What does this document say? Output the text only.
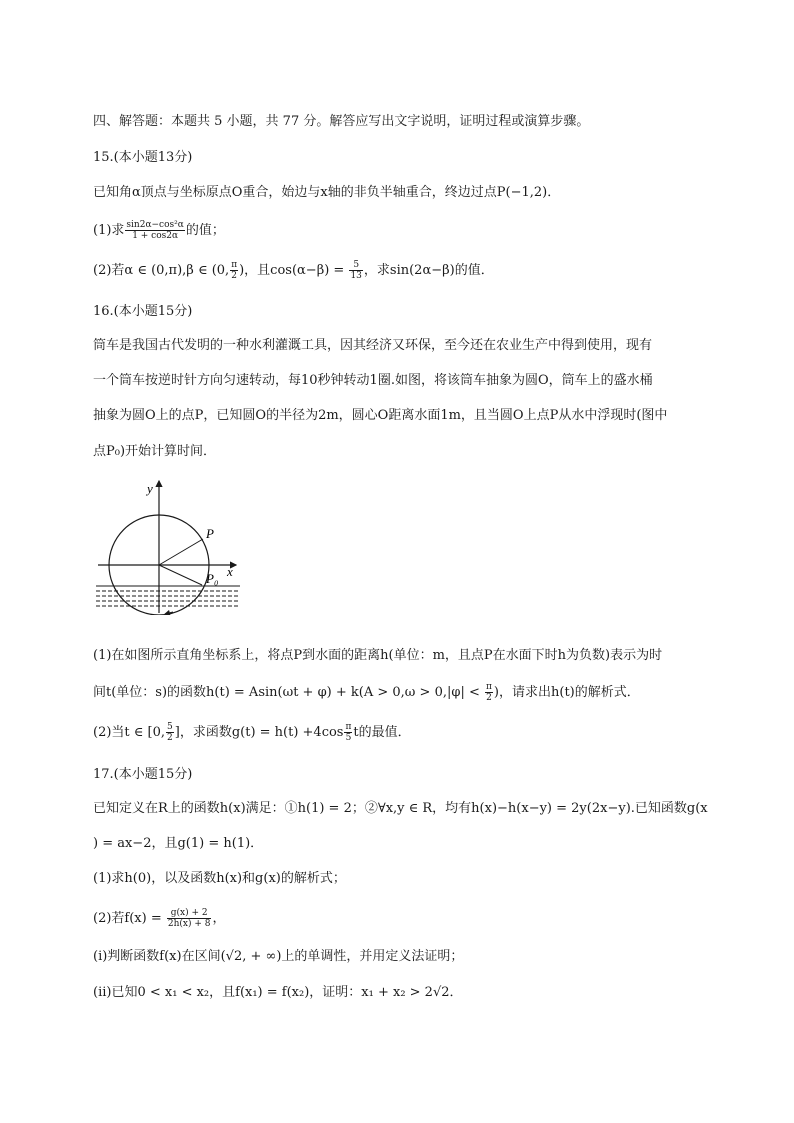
四、解答题：本题共 5 小题，共 77 分。解答应写出文字说明，证明过程或演算步骤。
15.(本小题13分)
已知角α顶点与坐标原点O重合，始边与x轴的非负半轴重合，终边过点P(−1,2)．
(1)求 $\frac{\text{sin2α−cos²α}}{1 + \cos 2\alpha}$ 的值；
(2)若α ∈ (0,π),β ∈ (0, $\frac{\pi}{2}$ )，且$\cos(\alpha-\beta) = \frac{5}{13}$ ，求sin(2α−β)的值．
16.(本小题15分)
筒车是我国古代发明的一种水利灌溉工具，因其经济又环保，至今还在农业生产中得到使用，现有
一个筒车按逆时针方向匀速转动，每10秒钟转动1圈.如图，将该筒车抽象为圆O，筒车上的盛水桶
抽象为圆O上的点P，已知圆O的半径为2m，圆心O距离水面1m，且当圆O上点P从水中浮现时(图中
点P₀)开始计算时间．
y
x
P
P₀
(1)在如图所示直角坐标系上，将点P到水面的距离h(单位：m，且点P在水面下时h为负数)表示为时
间t(单位：s)的函数$h(t) = Asin(\omega t + \varphi) + k(A > 0,\omega > 0,|\varphi| < \frac{\pi}{2}$ )，请求出h(t)的解析式．
(2)当t ∈ [0, $\frac{5}{2}$ ]，求函数$g(t) = h(t) +4\cos \frac{\pi}{5}$ t的最值．
17.(本小题15分)
已知定义在R上的函数h(x)满足：①h(1) = 2；②∀x,y ∈ R，均有h(x)−h(x−y) = 2y(2x−y).已知函数g(x
) = ax−2，且g(1) = h(1)．
(1)求h(0)，以及函数h(x)和g(x)的解析式；
(2)若$f(x) = \frac{g(x) + 2}{2h(x) + 8}$ ，
(ⅰ)判断函数f(x)在区间(√2, + ∞)上的单调性，并用定义法证明；
(ⅱ)已知0 < x₁ < x₂，且f(x₁) = f(x₂)，证明：x₁ + x₂ > 2√2．
